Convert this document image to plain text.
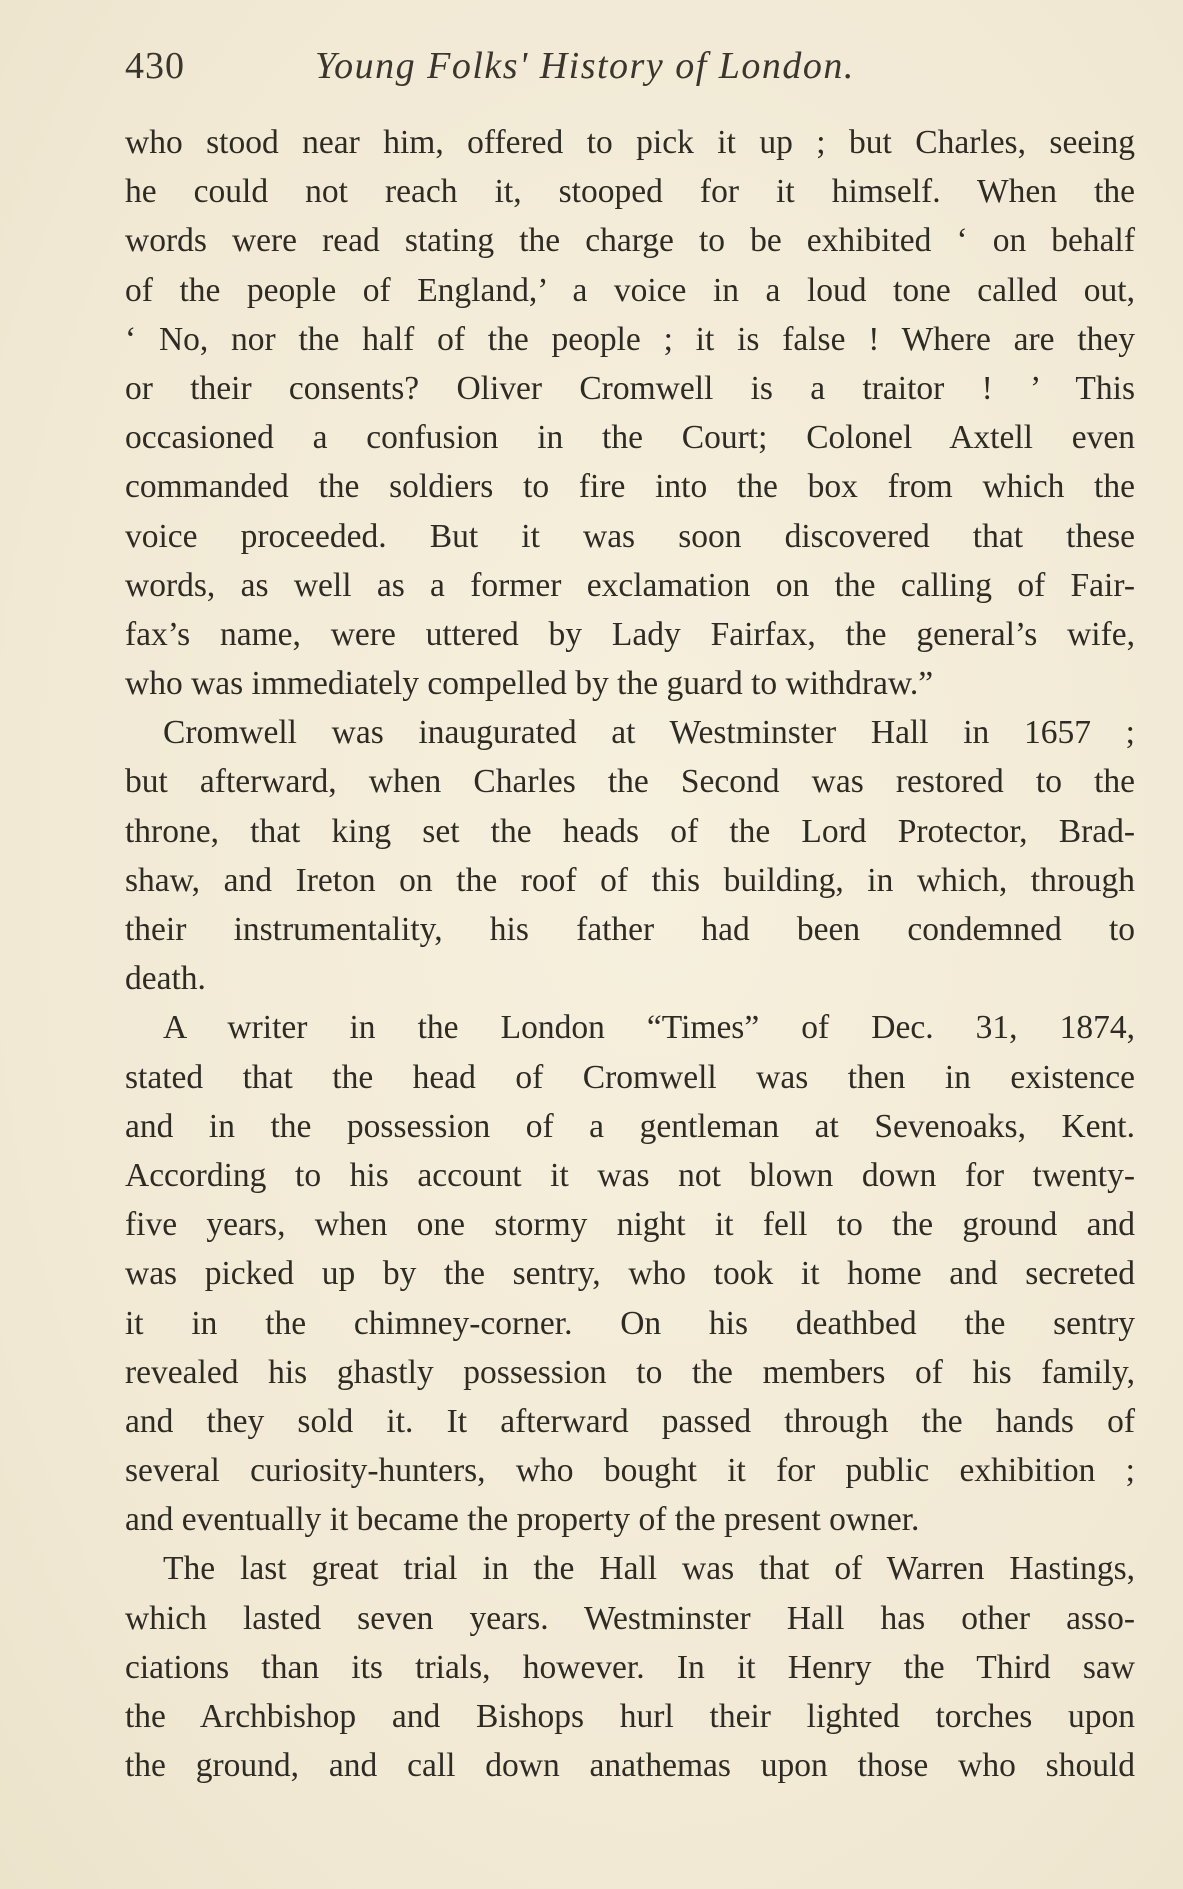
430	Young Folks' History of London.
who stood near him, offered to pick it up ; but Charles, seeing
he could not reach it, stooped for it himself. When the
words were read stating the charge to be exhibited ‘ on behalf
of the people of England,’ a voice in a loud tone called out,
‘ No, nor the half of the people ; it is false ! Where are they
or their consents? Oliver Cromwell is a traitor ! ’ This
occasioned a confusion in the Court; Colonel Axtell even
commanded the soldiers to fire into the box from which the
voice proceeded. But it was soon discovered that these
words, as well as a former exclamation on the calling of Fair-
fax’s name, were uttered by Lady Fairfax, the general’s wife,
who was immediately compelled by the guard to withdraw.”
Cromwell was inaugurated at Westminster Hall in 1657 ;
but afterward, when Charles the Second was restored to the
throne, that king set the heads of the Lord Protector, Brad-
shaw, and Ireton on the roof of this building, in which, through
their instrumentality, his father had been condemned to
death.
A writer in the London “Times” of Dec. 31, 1874,
stated that the head of Cromwell was then in existence
and in the possession of a gentleman at Sevenoaks, Kent.
According to his account it was not blown down for twenty-
five years, when one stormy night it fell to the ground and
was picked up by the sentry, who took it home and secreted
it in the chimney-corner. On his deathbed the sentry
revealed his ghastly possession to the members of his family,
and they sold it. It afterward passed through the hands of
several curiosity-hunters, who bought it for public exhibition ;
and eventually it became the property of the present owner.
The last great trial in the Hall was that of Warren Hastings,
which lasted seven years. Westminster Hall has other asso-
ciations than its trials, however. In it Henry the Third saw
the Archbishop and Bishops hurl their lighted torches upon
the ground, and call down anathemas upon those who should
